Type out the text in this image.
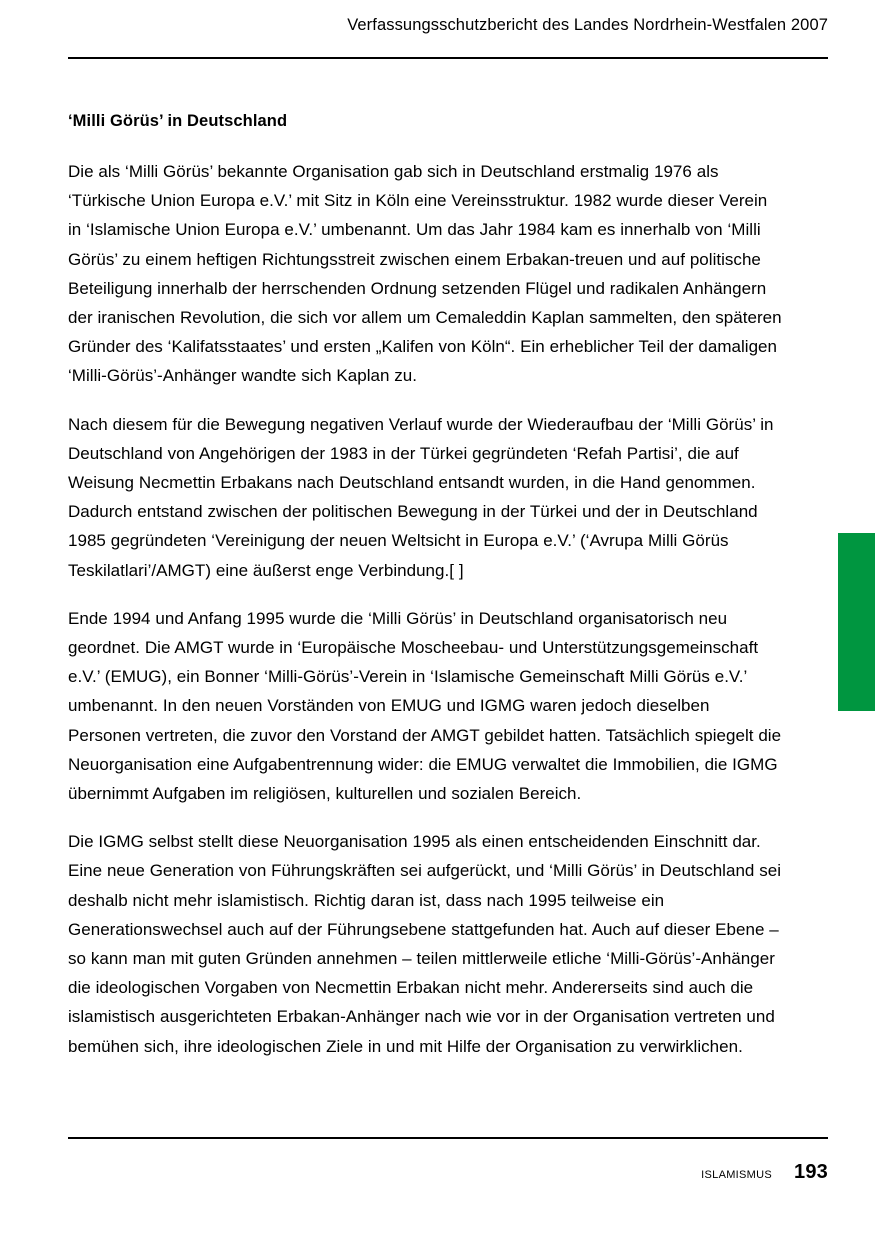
Verfassungsschutzbericht des Landes Nordrhein-Westfalen 2007
‘Milli Görüs’ in Deutschland

Die als ‘Milli Görüs’ bekannte Organisation gab sich in Deutschland erstmalig 1976 als ‘Türkische Union Europa e.V.’ mit Sitz in Köln eine Vereinsstruktur. 1982 wurde dieser Verein in ‘Islamische Union Europa e.V.’ umbenannt. Um das Jahr 1984 kam es innerhalb von ‘Milli Görüs’ zu einem heftigen Richtungsstreit zwischen einem Erbakan-treuen und auf politische Beteiligung innerhalb der herrschenden Ordnung setzenden Flügel und radikalen Anhängern der iranischen Revolution, die sich vor allem um Cemaleddin Kaplan sammelten, den späteren Gründer des ‘Kalifatsstaates’ und ersten „Kalifen von Köln“. Ein erheblicher Teil der damaligen ‘Milli-Görüs’-Anhänger wandte sich Kaplan zu.

Nach diesem für die Bewegung negativen Verlauf wurde der Wiederaufbau der ‘Milli Görüs’ in Deutschland von Angehörigen der 1983 in der Türkei gegründeten ‘Refah Partisi’, die auf Weisung Necmettin Erbakans nach Deutschland entsandt wurden, in die Hand genommen. Dadurch entstand zwischen der politischen Bewegung in der Türkei und der in Deutschland 1985 gegründeten ‘Vereinigung der neuen Weltsicht in Europa e.V.’ (‘Avrupa Milli Görüs Teskilatlari’/AMGT) eine äußerst enge Verbindung.[ ]

Ende 1994 und Anfang 1995 wurde die ‘Milli Görüs’ in Deutschland organisatorisch neu geordnet. Die AMGT wurde in ‘Europäische Moscheebau- und Unterstützungsgemeinschaft e.V.’ (EMUG), ein Bonner ‘Milli-Görüs’-Verein in ‘Islamische Gemeinschaft Milli Görüs e.V.’ umbenannt. In den neuen Vorständen von EMUG und IGMG waren jedoch dieselben Personen vertreten, die zuvor den Vorstand der AMGT gebildet hatten. Tatsächlich spiegelt die Neuorganisation eine Aufgabentrennung wider: die EMUG verwaltet die Immobilien, die IGMG übernimmt Aufgaben im religiösen, kulturellen und sozialen Bereich.

Die IGMG selbst stellt diese Neuorganisation 1995 als einen entscheidenden Einschnitt dar. Eine neue Generation von Führungskräften sei aufgerückt, und ‘Milli Görüs’ in Deutschland sei deshalb nicht mehr islamistisch. Richtig daran ist, dass nach 1995 teilweise ein Generationswechsel auch auf der Führungsebene stattgefunden hat. Auch auf dieser Ebene – so kann man mit guten Gründen annehmen – teilen mittlerweile etliche ‘Milli-Görüs’-Anhänger die ideologischen Vorgaben von Necmettin Erbakan nicht mehr. Andererseits sind auch die islamistisch ausgerichteten Erbakan-Anhänger nach wie vor in der Organisation vertreten und bemühen sich, ihre ideologischen Ziele in und mit Hilfe der Organisation zu verwirklichen.

islamismus 193
